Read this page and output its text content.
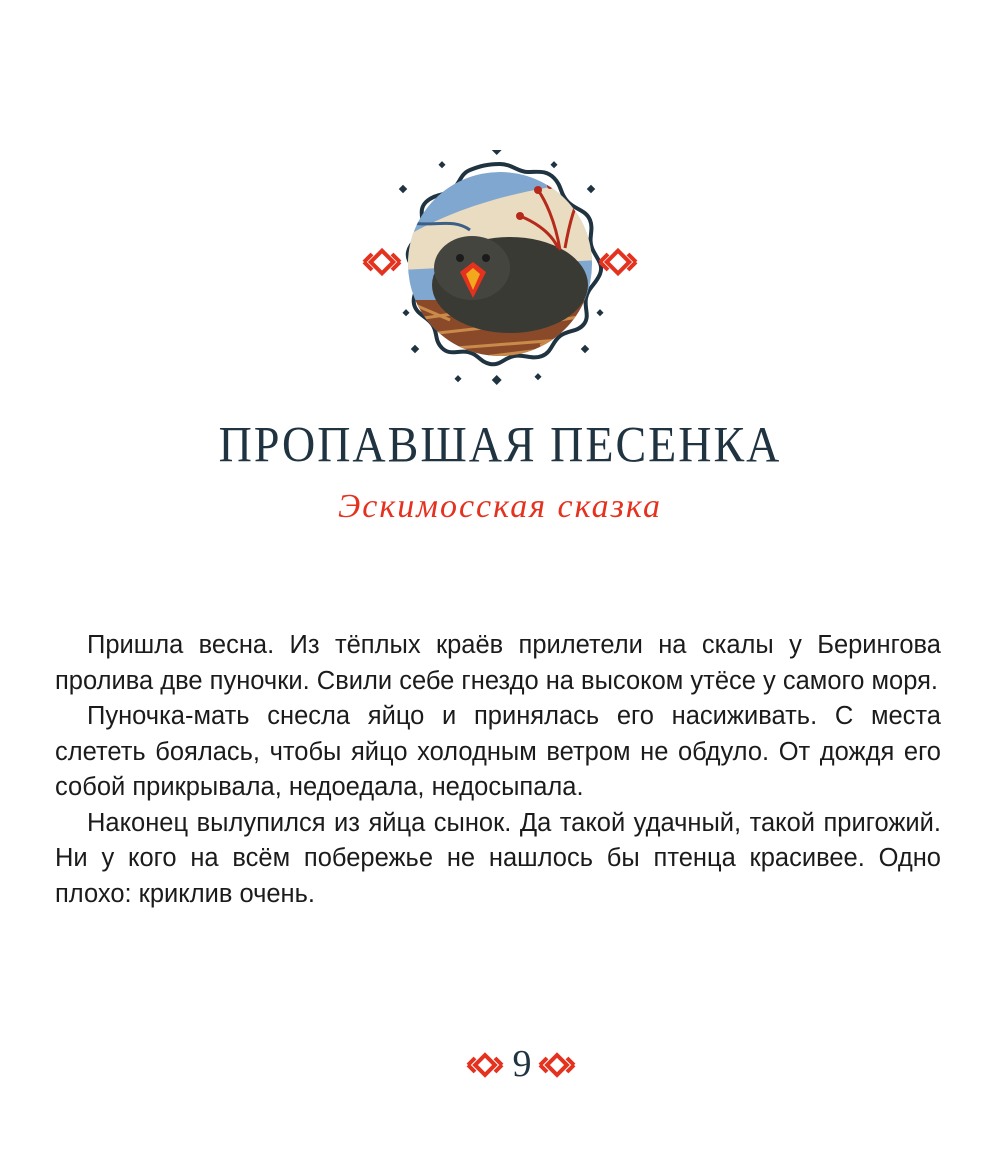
ПРОПАВШАЯ ПЕСЕНКА
Эскимосская сказка

Пришла весна. Из тёплых краёв прилетели на скалы у Берингова пролива две пуночки. Свили себе гнездо на высоком утёсе у самого моря.

Пуночка-мать снесла яйцо и принялась его насиживать. С места слететь боялась, чтобы яйцо холодным ветром не обдуло. От дождя его собой прикрывала, недоедала, недосыпала.

Наконец вылупился из яйца сынок. Да такой удачный, такой пригожий. Ни у кого на всём побережье не нашлось бы птенца красивее. Одно плохо: криклив очень.

9
